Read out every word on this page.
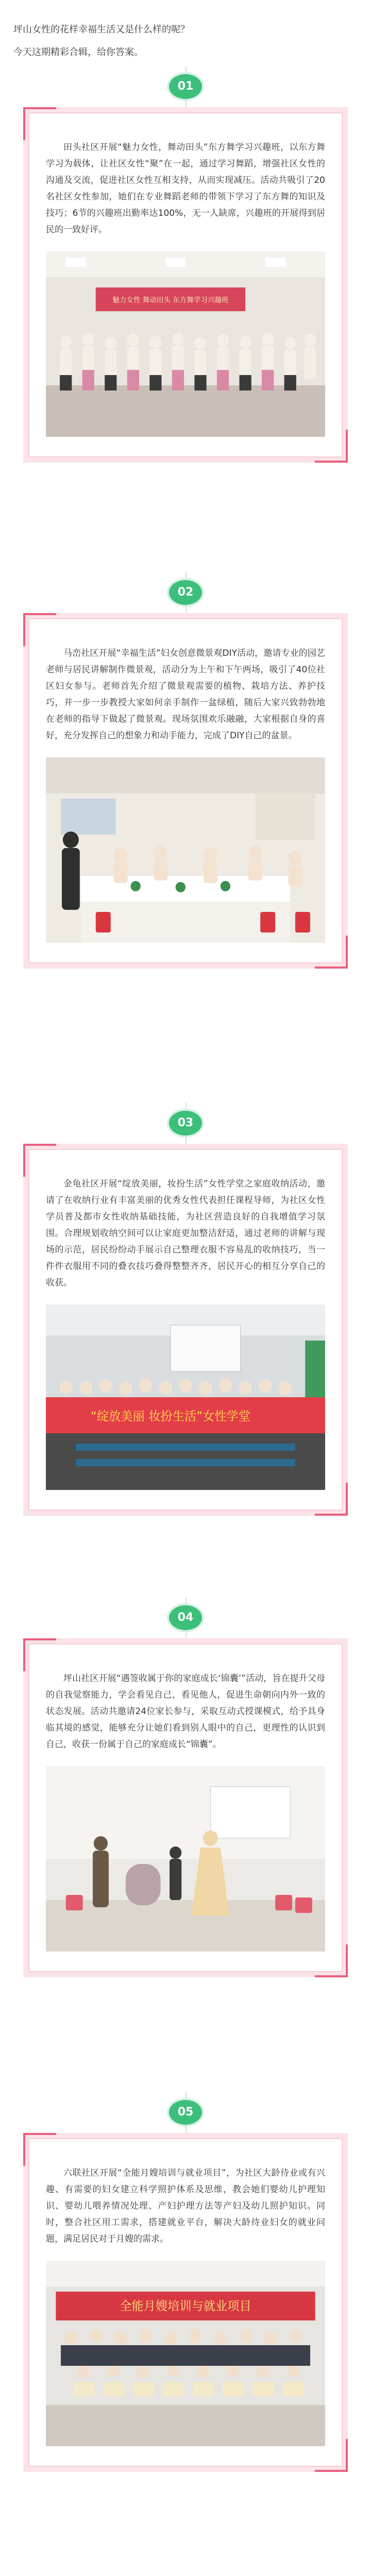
坪山女性的花样幸福生活又是什么样的呢？

今天这期精彩合辑，给你答案。

01

田头社区开展“魅力女性，舞动田头”东方舞学习兴趣班，以东方舞学习为载体，让社区女性“聚”在一起，通过学习舞蹈，增强社区女性的沟通及交流，促进社区女性互相支持，从而实现减压。活动共吸引了20名社区女性参加，她们在专业舞蹈老师的带领下学习了东方舞的知识及技巧；6节的兴趣班出勤率达100%，无一人缺席，兴趣班的开展得到居民的一致好评。

魅力女性 舞动田头 东方舞学习兴趣班
02

马峦社区开展“幸福生活”妇女创意微景观DIY活动，邀请专业的园艺老师与居民讲解制作微景观，活动分为上午和下午两场，吸引了40位社区妇女参与。老师首先介绍了微景观需要的植物、栽培方法、养护技巧，并一步一步教授大家如何亲手制作一盆绿植，随后大家兴致勃勃地在老师的指导下做起了微景观。现场氛围欢乐融融，大家根据自身的喜好，充分发挥自己的想象力和动手能力，完成了DIY自己的盆景。

03

金龟社区开展“绽放美丽，妆扮生活”女性学堂之家庭收纳活动，邀请了在收纳行业有丰富美丽的优秀女性代表担任课程导师，为社区女性学员普及都市女性收纳基础技能，为社区营造良好的自我增值学习氛围。合理规划收纳空间可以让家庭更加整洁舒适，通过老师的讲解与现场的示范，居民纷纷动手展示自己整理衣服不容易乱的收纳技巧，当一件件衣服用不同的叠衣技巧叠得整整齐齐，居民开心的相互分享自己的收获。

“绽放美丽 妆扮生活”女性学堂
04

坪山社区开展“遇签收属于你的家庭成长‘锦囊’”活动，旨在提升父母的自我觉察能力，学会看见自己，看见他人，促进生命朝向内外一致的状态发展。活动共邀请24位家长参与，采取互动式授课模式，给予具身临其境的感觉，能够充分让她们看到别人眼中的自己，更理性的认识到自己，收获一份属于自己的家庭成长“锦囊”。

05

六联社区开展“全能月嫂培训与就业项目”，为社区大龄待业或有兴趣、有需要的妇女建立科学照护体系及思维，教会她们婴幼儿护理知识、婴幼儿喂养情况处理、产妇护理方法等产妇及幼儿照护知识。同时，整合社区用工需求，搭建就业平台，解决大龄待业妇女的就业问题，满足居民对于月嫂的需求。

全能月嫂培训与就业项目
